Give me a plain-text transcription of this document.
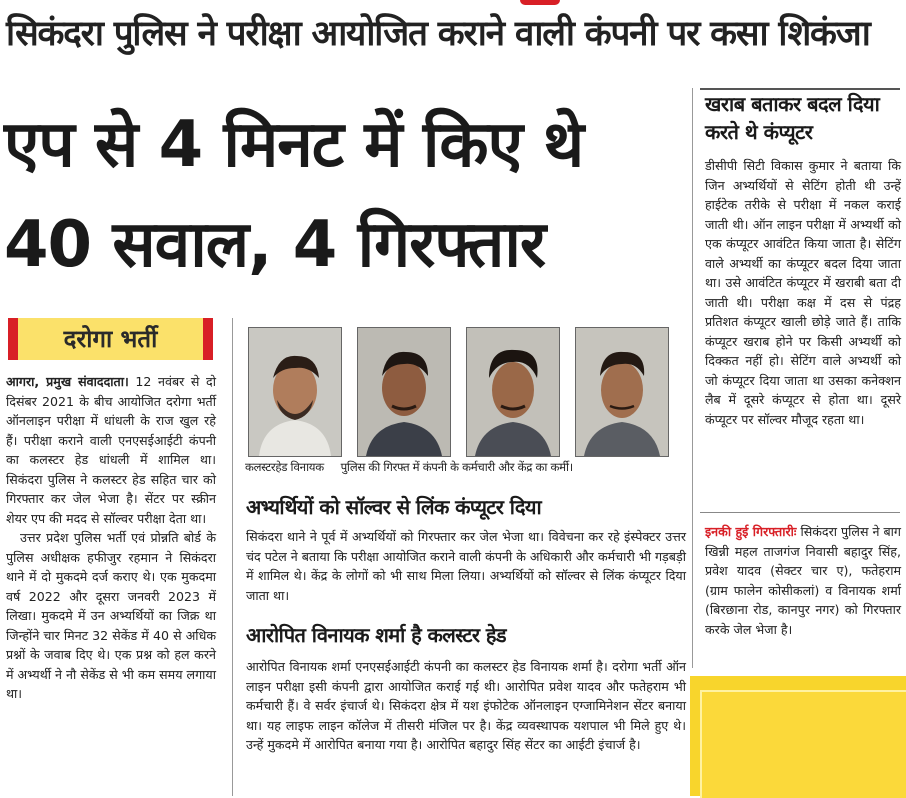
सिकंदरा पुलिस ने परीक्षा आयोजित कराने वाली कंपनी पर कसा शिकंजा
एप से 4 मिनट में किए थे
40 सवाल, 4 गिरफ्तार
दरोगा भर्ती

आगरा, प्रमुख संवाददाता। 12 नवंबर से दो दिसंबर 2021 के बीच आयोजित दरोगा भर्ती ऑनलाइन परीक्षा में धांधली के राज खुल रहे हैं। परीक्षा कराने वाली एनएसईआईटी कंपनी का कलस्टर हेड धांधली में शामिल था। सिकंदरा पुलिस ने कलस्टर हेड सहित चार को गिरफ्तार कर जेल भेजा है। सेंटर पर स्क्रीन शेयर एप की मदद से सॉल्वर परीक्षा देता था।

उत्तर प्रदेश पुलिस भर्ती एवं प्रोन्नति बोर्ड के पुलिस अधीक्षक हफीजुर रहमान ने सिकंदरा थाने में दो मुकदमे दर्ज कराए थे। एक मुकदमा वर्ष 2022 और दूसरा जनवरी 2023 में लिखा। मुकदमे में उन अभ्यर्थियों का जिक्र था जिन्होंने चार मिनट 32 सेकेंड में 40 से अधिक प्रश्नों के जवाब दिए थे। एक प्रश्न को हल करने में अभ्यर्थी ने नौ सेकेंड से भी कम समय लगाया था।

कलस्टरहेड विनायक पुलिस की गिरफ्त में कंपनी के कर्मचारी और केंद्र का कर्मी।
अभ्यर्थियों को सॉल्वर से लिंक कंप्यूटर दिया

सिकंदरा थाने ने पूर्व में अभ्यर्थियों को गिरफ्तार कर जेल भेजा था। विवेचना कर रहे इंस्पेक्टर उत्तर चंद पटेल ने बताया कि परीक्षा आयोजित कराने वाली कंपनी के अधिकारी और कर्मचारी भी गड़बड़ी में शामिल थे। केंद्र के लोगों को भी साथ मिला लिया। अभ्यर्थियों को सॉल्वर से लिंक कंप्यूटर दिया जाता था।

आरोपित विनायक शर्मा है कलस्टर हेड

आरोपित विनायक शर्मा एनएसईआईटी कंपनी का कलस्टर हेड विनायक शर्मा है। दरोगा भर्ती ऑन लाइन परीक्षा इसी कंपनी द्वारा आयोजित कराई गई थी। आरोपित प्रवेश यादव और फतेहराम भी कर्मचारी हैं। वे सर्वर इंचार्ज थे। सिकंदरा क्षेत्र में यश इंफोटेक ऑनलाइन एग्जामिनेशन सेंटर बनाया था। यह लाइफ लाइन कॉलेज में तीसरी मंजिल पर है। केंद्र व्यवस्थापक यशपाल भी मिले हुए थे। उन्हें मुकदमे में आरोपित बनाया गया है। आरोपित बहादुर सिंह सेंटर का आईटी इंचार्ज है।

खराब बताकर बदल दिया करते थे कंप्यूटर

डीसीपी सिटी विकास कुमार ने बताया कि जिन अभ्यर्थियों से सेटिंग होती थी उन्हें हाईटेक तरीके से परीक्षा में नकल कराई जाती थी। ऑन लाइन परीक्षा में अभ्यर्थी को एक कंप्यूटर आवंटित किया जाता है। सेटिंग वाले अभ्यर्थी का कंप्यूटर बदल दिया जाता था। उसे आवंटित कंप्यूटर में खराबी बता दी जाती थी। परीक्षा कक्ष में दस से पंद्रह प्रतिशत कंप्यूटर खाली छोड़े जाते हैं। ताकि कंप्यूटर खराब होने पर किसी अभ्यर्थी को दिक्कत नहीं हो। सेटिंग वाले अभ्यर्थी को जो कंप्यूटर दिया जाता था उसका कनेक्शन लैब में दूसरे कंप्यूटर से होता था। दूसरे कंप्यूटर पर सॉल्वर मौजूद रहता था।

इनकी हुई गिरफ्तारीः सिकंदरा पुलिस ने बाग खिन्नी महल ताजगंज निवासी बहादुर सिंह, प्रवेश यादव (सेक्टर चार ए), फतेहराम (ग्राम फालेन कोसीकलां) व विनायक शर्मा (बिरछाना रोड, कानपुर नगर) को गिरफ्तार करके जेल भेजा है।
